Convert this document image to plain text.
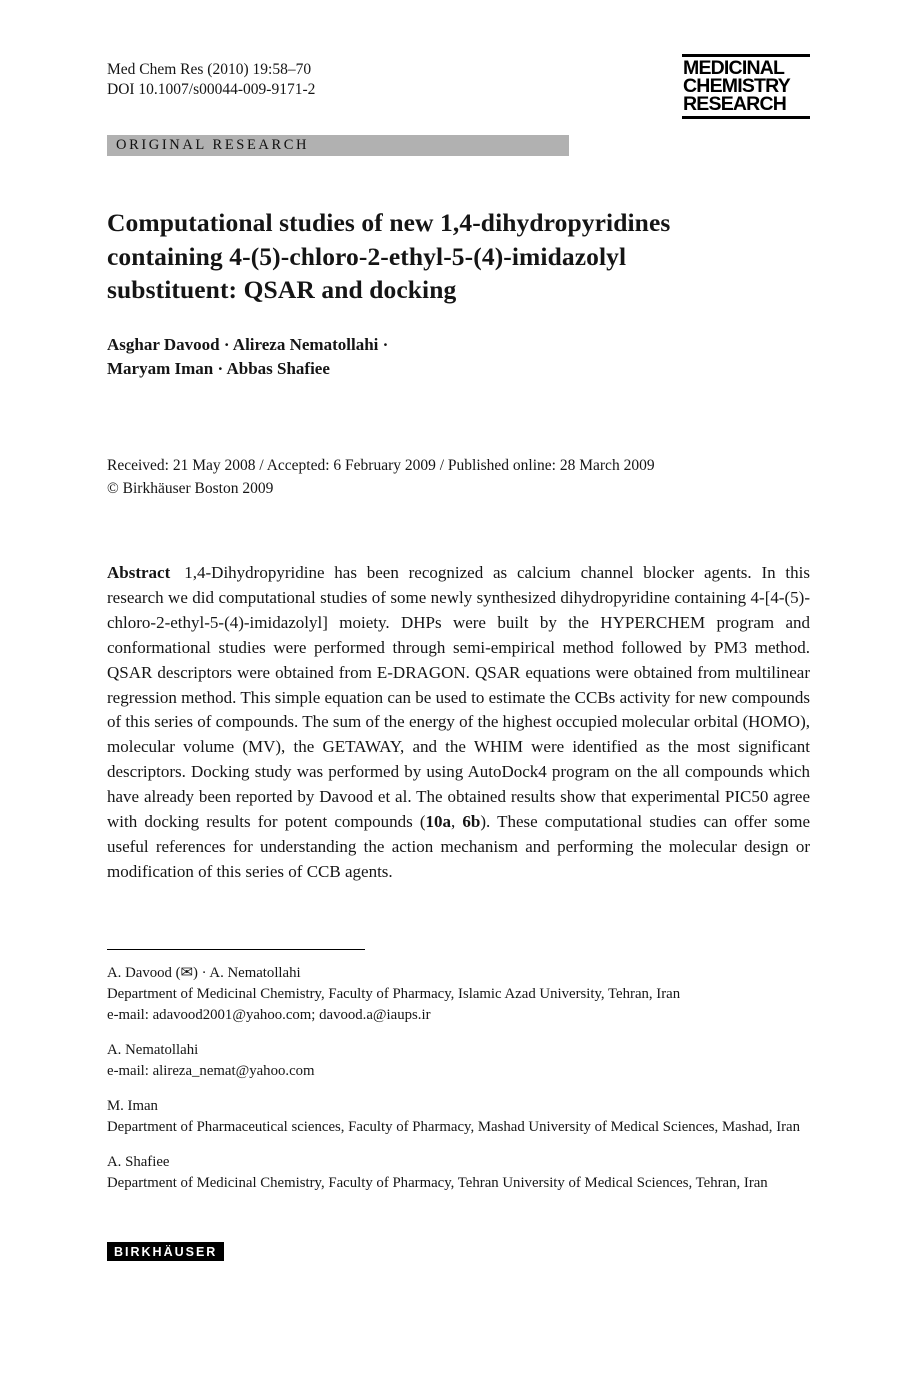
Med Chem Res (2010) 19:58–70
DOI 10.1007/s00044-009-9171-2
MEDICINAL
CHEMISTRY
RESEARCH
ORIGINAL RESEARCH
Computational studies of new 1,4-dihydropyridines
containing 4-(5)-chloro-2-ethyl-5-(4)-imidazolyl
substituent: QSAR and docking
Asghar Davood · Alireza Nematollahi ·
Maryam Iman · Abbas Shafiee
Received: 21 May 2008 / Accepted: 6 February 2009 / Published online: 28 March 2009
© Birkhäuser Boston 2009

Abstract 1,4-Dihydropyridine has been recognized as calcium channel blocker agents. In this research we did computational studies of some newly synthesized dihydropyridine containing 4-[4-(5)-chloro-2-ethyl-5-(4)-imidazolyl] moiety. DHPs were built by the HYPERCHEM program and conformational studies were performed through semi-empirical method followed by PM3 method. QSAR descriptors were obtained from E-DRAGON. QSAR equations were obtained from multilinear regression method. This simple equation can be used to estimate the CCBs activity for new compounds of this series of compounds. The sum of the energy of the highest occupied molecular orbital (HOMO), molecular volume (MV), the GETAWAY, and the WHIM were identified as the most significant descriptors. Docking study was performed by using AutoDock4 program on the all compounds which have already been reported by Davood et al. The obtained results show that experimental PIC50 agree with docking results for potent compounds (10a, 6b). These computational studies can offer some useful references for understanding the action mechanism and performing the molecular design or modification of this series of CCB agents.

A. Davood (✉) · A. Nematollahi
Department of Medicinal Chemistry, Faculty of Pharmacy, Islamic Azad University, Tehran, Iran
e-mail: adavood2001@yahoo.com; davood.a@iaups.ir
A. Nematollahi
e-mail: alireza_nemat@yahoo.com
M. Iman
Department of Pharmaceutical sciences, Faculty of Pharmacy, Mashad University of Medical Sciences, Mashad, Iran
A. Shafiee
Department of Medicinal Chemistry, Faculty of Pharmacy, Tehran University of Medical Sciences, Tehran, Iran
BIRKHÄUSER
